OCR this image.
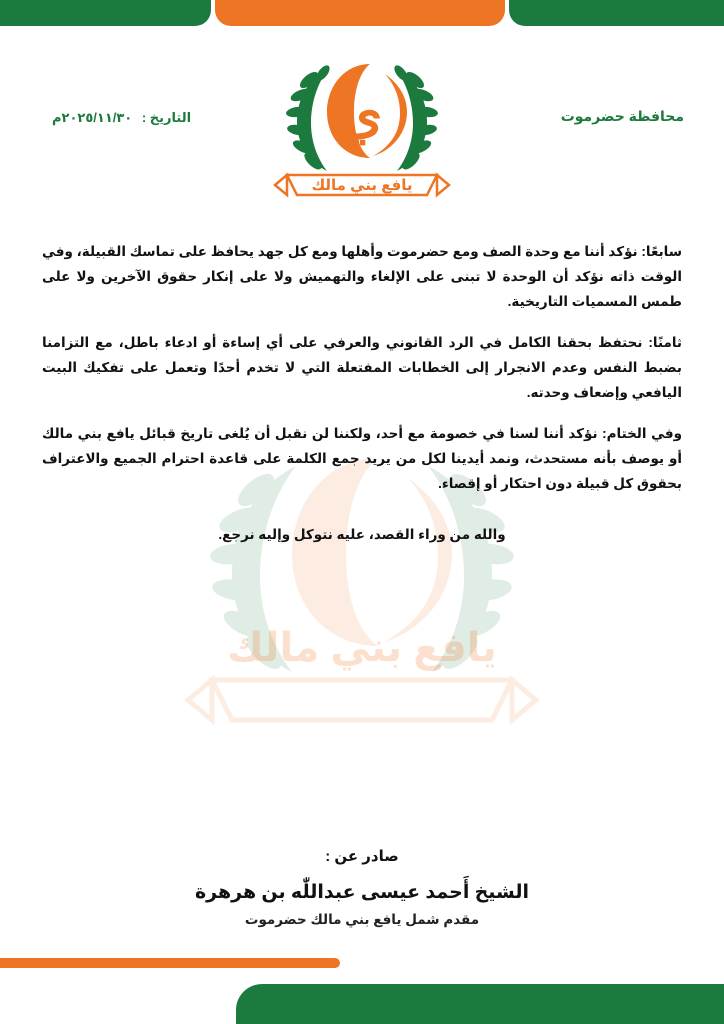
محافظة حضرموت
التاريخ : ٢٠٢٥/١١/٣٠م	ي
يافع بني مالك
يافع بني مالك

سابعًا: نؤكد أننا مع وحدة الصف ومع حضرموت وأهلها ومع كل جهد يحافظ على تماسك القبيلة، وفي الوقت ذاته نؤكد أن الوحدة لا تبنى على الإلغاء والتهميش ولا على إنكار حقوق الآخرين ولا على طمس المسميات التاريخية.

ثامنًا: نحتفظ بحقنا الكامل في الرد القانوني والعرفي على أي إساءة أو ادعاء باطل، مع التزامنا بضبط النفس وعدم الانجرار إلى الخطابات المفتعلة التي لا تخدم أحدًا وتعمل على تفكيك البيت اليافعي وإضعاف وحدته.

وفي الختام: نؤكد أننا لسنا في خصومة مع أحد، ولكننا لن نقبل أن يُلغى تاريخ قبائل يافع بني مالك أو يوصف بأنه مستحدث، ونمد أيدينا لكل من يريد جمع الكلمة على قاعدة احترام الجميع والاعتراف بحقوق كل قبيلة دون احتكار أو إقصاء.

والله من وراء القصد، عليه نتوكل وإليه نرجع.

صادر عن :
الشيخ أَحمد عيسى عبداللّٰه بن هرهرة
مقدم شمل يافع بني مالك حضرموت
